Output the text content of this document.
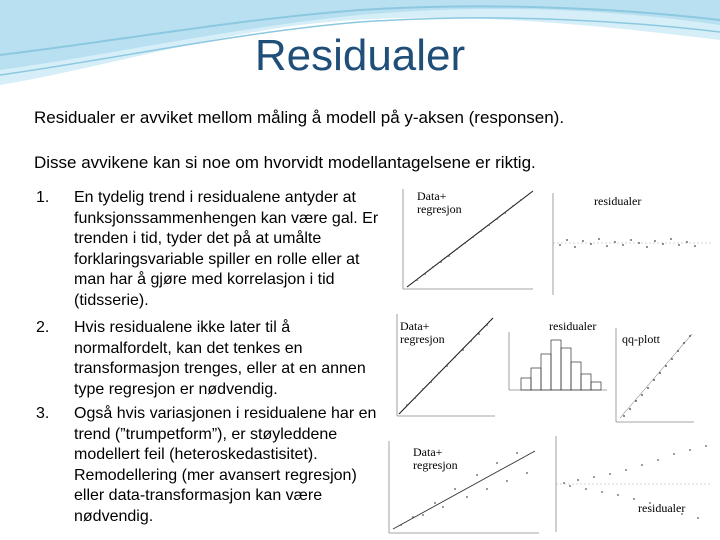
Residualer
Residualer er avviket mellom måling å modell på y-aksen (responsen).
Disse avvikene kan si noe om hvorvidt modellantagelsene er riktig.
1. En tydelig trend i residualene antyder at funksjonssammenhengen kan være gal. Er trenden i tid, tyder det på at umålte forklaringsvariable spiller en rolle eller at man har å gjøre med korrelasjon i tid (tidsserie).
2. Hvis residualene ikke later til å normalfordelt, kan det tenkes en transformasjon trenges, eller at en annen type regresjon er nødvendig.
3. Også hvis variasjonen i residualene har en trend (”trumpetform”), er støyleddene modellert feil (heteroskedastisitet). Remodellering (mer avansert regresjon) eller data-transformasjon kan være nødvendig.
Data+
regresjon
residualer
Data+
regresjon
residualer
qq-plott
Data+
regresjon
residualer
